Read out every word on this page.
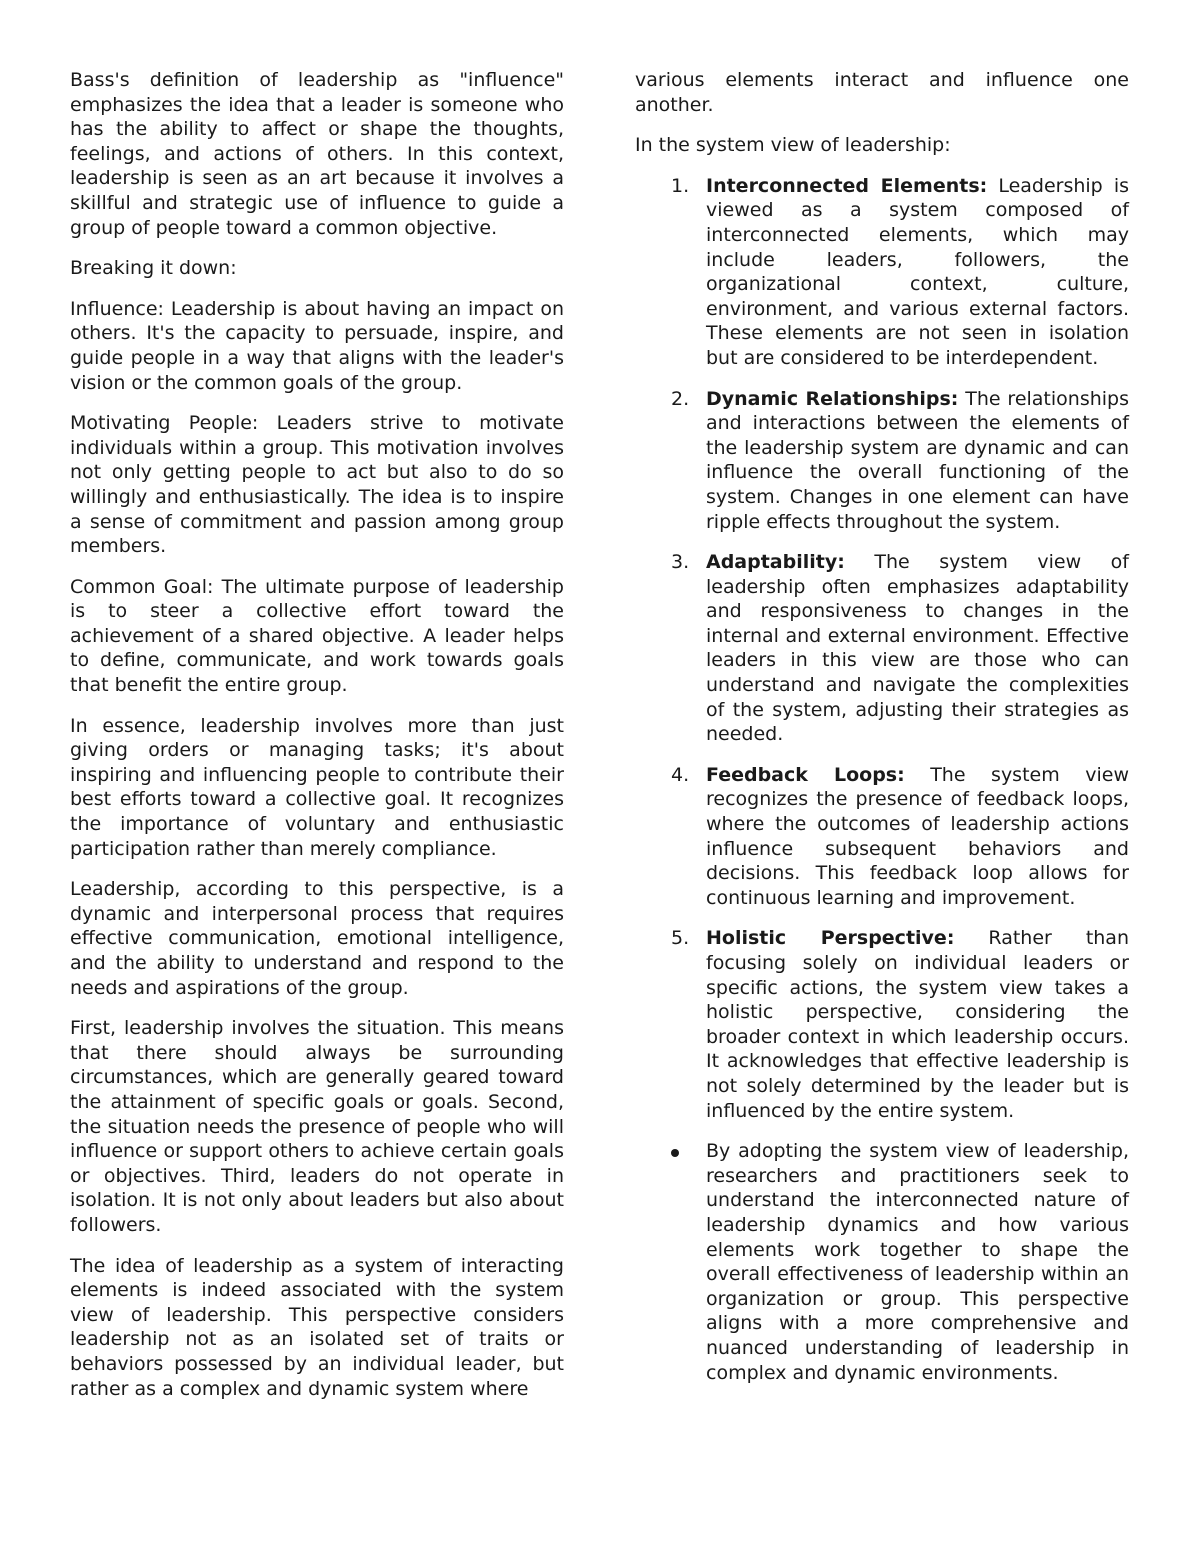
Bass's definition of leadership as "influence" emphasizes the idea that a leader is someone who has the ability to affect or shape the thoughts, feelings, and actions of others. In this context, leadership is seen as an art because it involves a skillful and strategic use of influence to guide a group of people toward a common objective.

Breaking it down:

Influence: Leadership is about having an impact on others. It's the capacity to persuade, inspire, and guide people in a way that aligns with the leader's vision or the common goals of the group.

Motivating People: Leaders strive to motivate individuals within a group. This motivation involves not only getting people to act but also to do so willingly and enthusiastically. The idea is to inspire a sense of commitment and passion among group members.

Common Goal: The ultimate purpose of leadership is to steer a collective effort toward the achievement of a shared objective. A leader helps to define, communicate, and work towards goals that benefit the entire group.

In essence, leadership involves more than just giving orders or managing tasks; it's about inspiring and influencing people to contribute their best efforts toward a collective goal. It recognizes the importance of voluntary and enthusiastic participation rather than merely compliance.

Leadership, according to this perspective, is a dynamic and interpersonal process that requires effective communication, emotional intelligence, and the ability to understand and respond to the needs and aspirations of the group.

First, leadership involves the situation. This means that there should always be surrounding circumstances, which are generally geared toward the attainment of specific goals or goals. Second, the situation needs the presence of people who will influence or support others to achieve certain goals or objectives. Third, leaders do not operate in isolation. It is not only about leaders but also about followers.

The idea of leadership as a system of interacting elements is indeed associated with the system view of leadership. This perspective considers leadership not as an isolated set of traits or behaviors possessed by an individual leader, but rather as a complex and dynamic system where

various elements interact and influence one another.

In the system view of leadership:

1. Interconnected Elements: Leadership is viewed as a system composed of interconnected elements, which may include leaders, followers, the organizational context, culture, environment, and various external factors. These elements are not seen in isolation but are considered to be interdependent.
2. Dynamic Relationships: The relationships and interactions between the elements of the leadership system are dynamic and can influence the overall functioning of the system. Changes in one element can have ripple effects throughout the system.
3. Adaptability: The system view of leadership often emphasizes adaptability and responsiveness to changes in the internal and external environment. Effective leaders in this view are those who can understand and navigate the complexities of the system, adjusting their strategies as needed.
4. Feedback Loops: The system view recognizes the presence of feedback loops, where the outcomes of leadership actions influence subsequent behaviors and decisions. This feedback loop allows for continuous learning and improvement.
5. Holistic Perspective: Rather than focusing solely on individual leaders or specific actions, the system view takes a holistic perspective, considering the broader context in which leadership occurs. It acknowledges that effective leadership is not solely determined by the leader but is influenced by the entire system.
By adopting the system view of leadership, researchers and practitioners seek to understand the interconnected nature of leadership dynamics and how various elements work together to shape the overall effectiveness of leadership within an organization or group. This perspective aligns with a more comprehensive and nuanced understanding of leadership in complex and dynamic environments.
